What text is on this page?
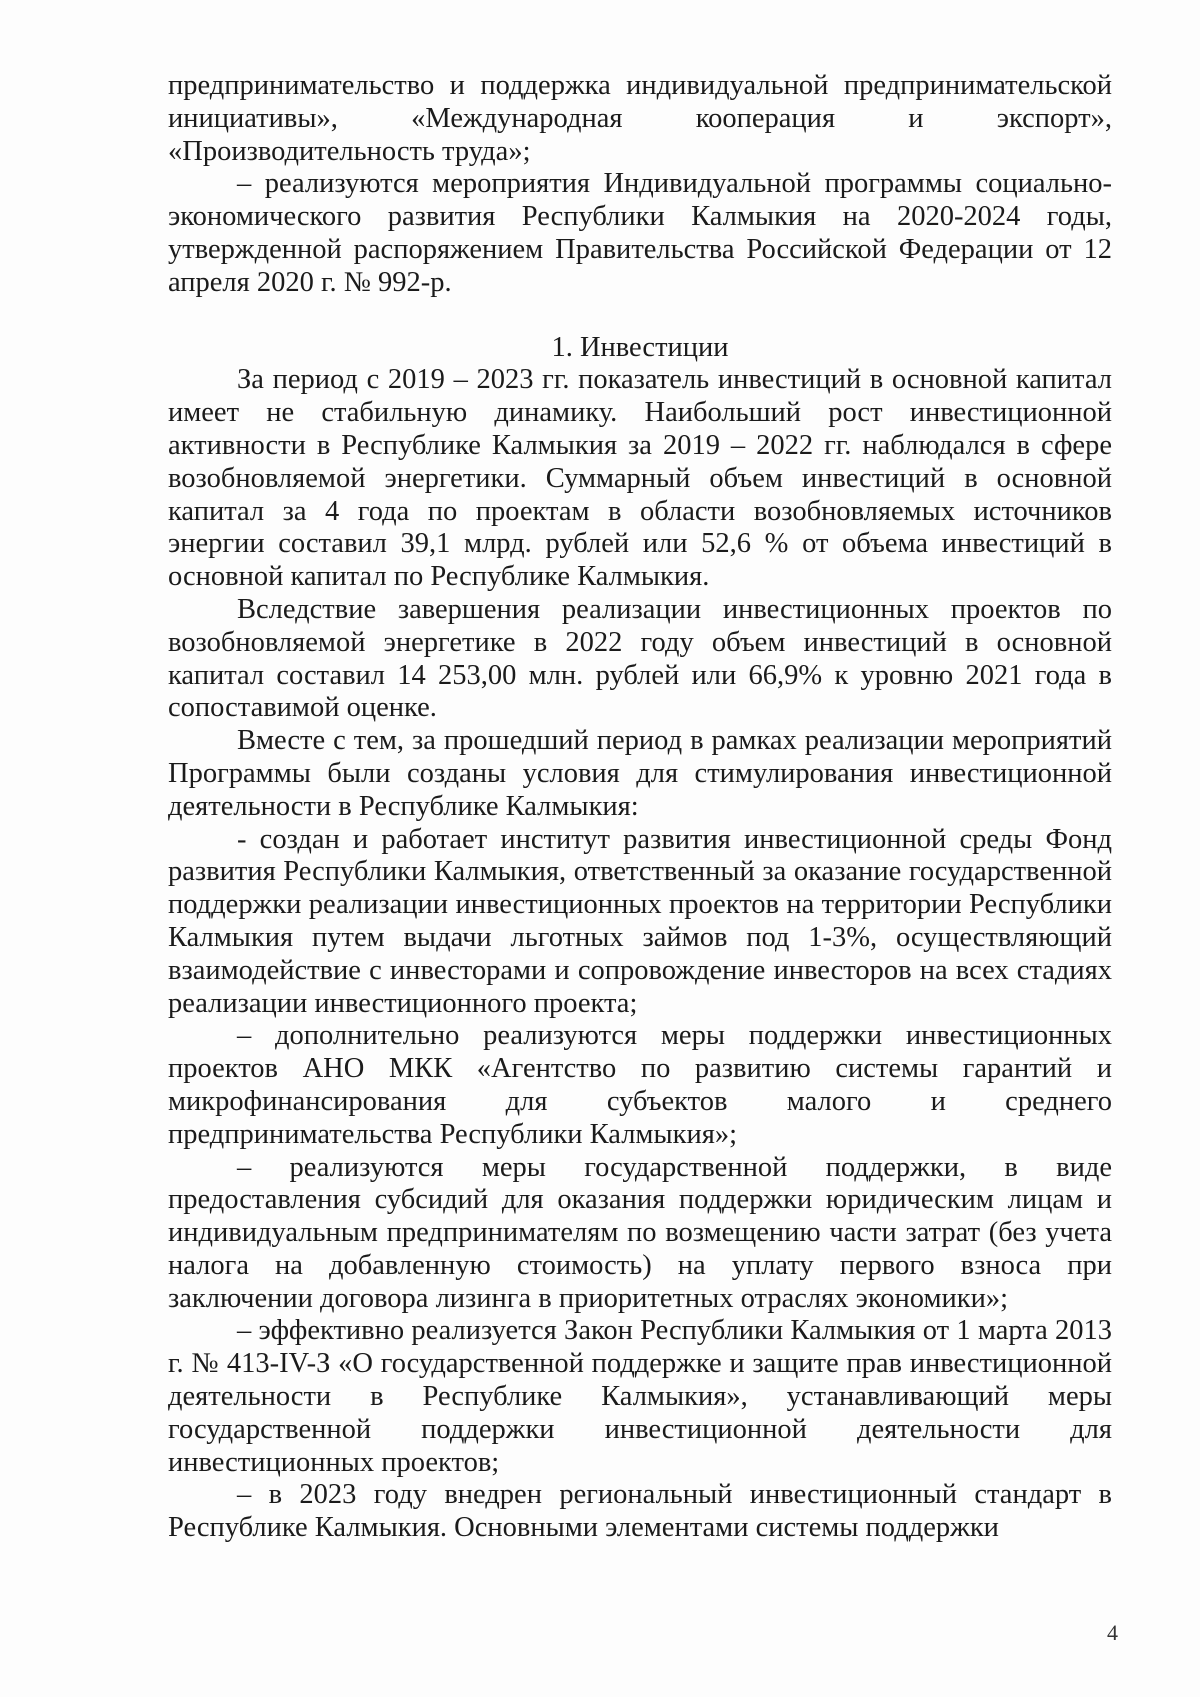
предпринимательство и поддержка индивидуальной предпринимательской инициативы», «Международная кооперация и экспорт», «Производительность труда»;

– реализуются мероприятия Индивидуальной программы социально-экономического развития Республики Калмыкия на 2020-2024 годы, утвержденной распоряжением Правительства Российской Федерации от 12 апреля 2020 г. № 992-р.

1. Инвестиции

За период с 2019 – 2023 гг. показатель инвестиций в основной капитал имеет не стабильную динамику. Наибольший рост инвестиционной активности в Республике Калмыкия за 2019 – 2022 гг. наблюдался в сфере возобновляемой энергетики. Суммарный объем инвестиций в основной капитал за 4 года по проектам в области возобновляемых источников энергии составил 39,1 млрд. рублей или 52,6 % от объема инвестиций в основной капитал по Республике Калмыкия.

Вследствие завершения реализации инвестиционных проектов по возобновляемой энергетике в 2022 году объем инвестиций в основной капитал составил 14 253,00 млн. рублей или 66,9% к уровню 2021 года в сопоставимой оценке.

Вместе с тем, за прошедший период в рамках реализации мероприятий Программы были созданы условия для стимулирования инвестиционной деятельности в Республике Калмыкия:

- создан и работает институт развития инвестиционной среды Фонд развития Республики Калмыкия, ответственный за оказание государственной поддержки реализации инвестиционных проектов на территории Республики Калмыкия путем выдачи льготных займов под 1-3%, осуществляющий взаимодействие с инвесторами и сопровождение инвесторов на всех стадиях реализации инвестиционного проекта;

– дополнительно реализуются меры поддержки инвестиционных проектов АНО МКК «Агентство по развитию системы гарантий и микрофинансирования для субъектов малого и среднего предпринимательства Республики Калмыкия»;

– реализуются меры государственной поддержки, в виде предоставления субсидий для оказания поддержки юридическим лицам и индивидуальным предпринимателям по возмещению части затрат (без учета налога на добавленную стоимость) на уплату первого взноса при заключении договора лизинга в приоритетных отраслях экономики»;

– эффективно реализуется Закон Республики Калмыкия от 1 марта 2013 г. № 413-IV-З «О государственной поддержке и защите прав инвестиционной деятельности в Республике Калмыкия», устанавливающий меры государственной поддержки инвестиционной деятельности для инвестиционных проектов;

– в 2023 году внедрен региональный инвестиционный стандарт в Республике Калмыкия. Основными элементами системы поддержки

4
